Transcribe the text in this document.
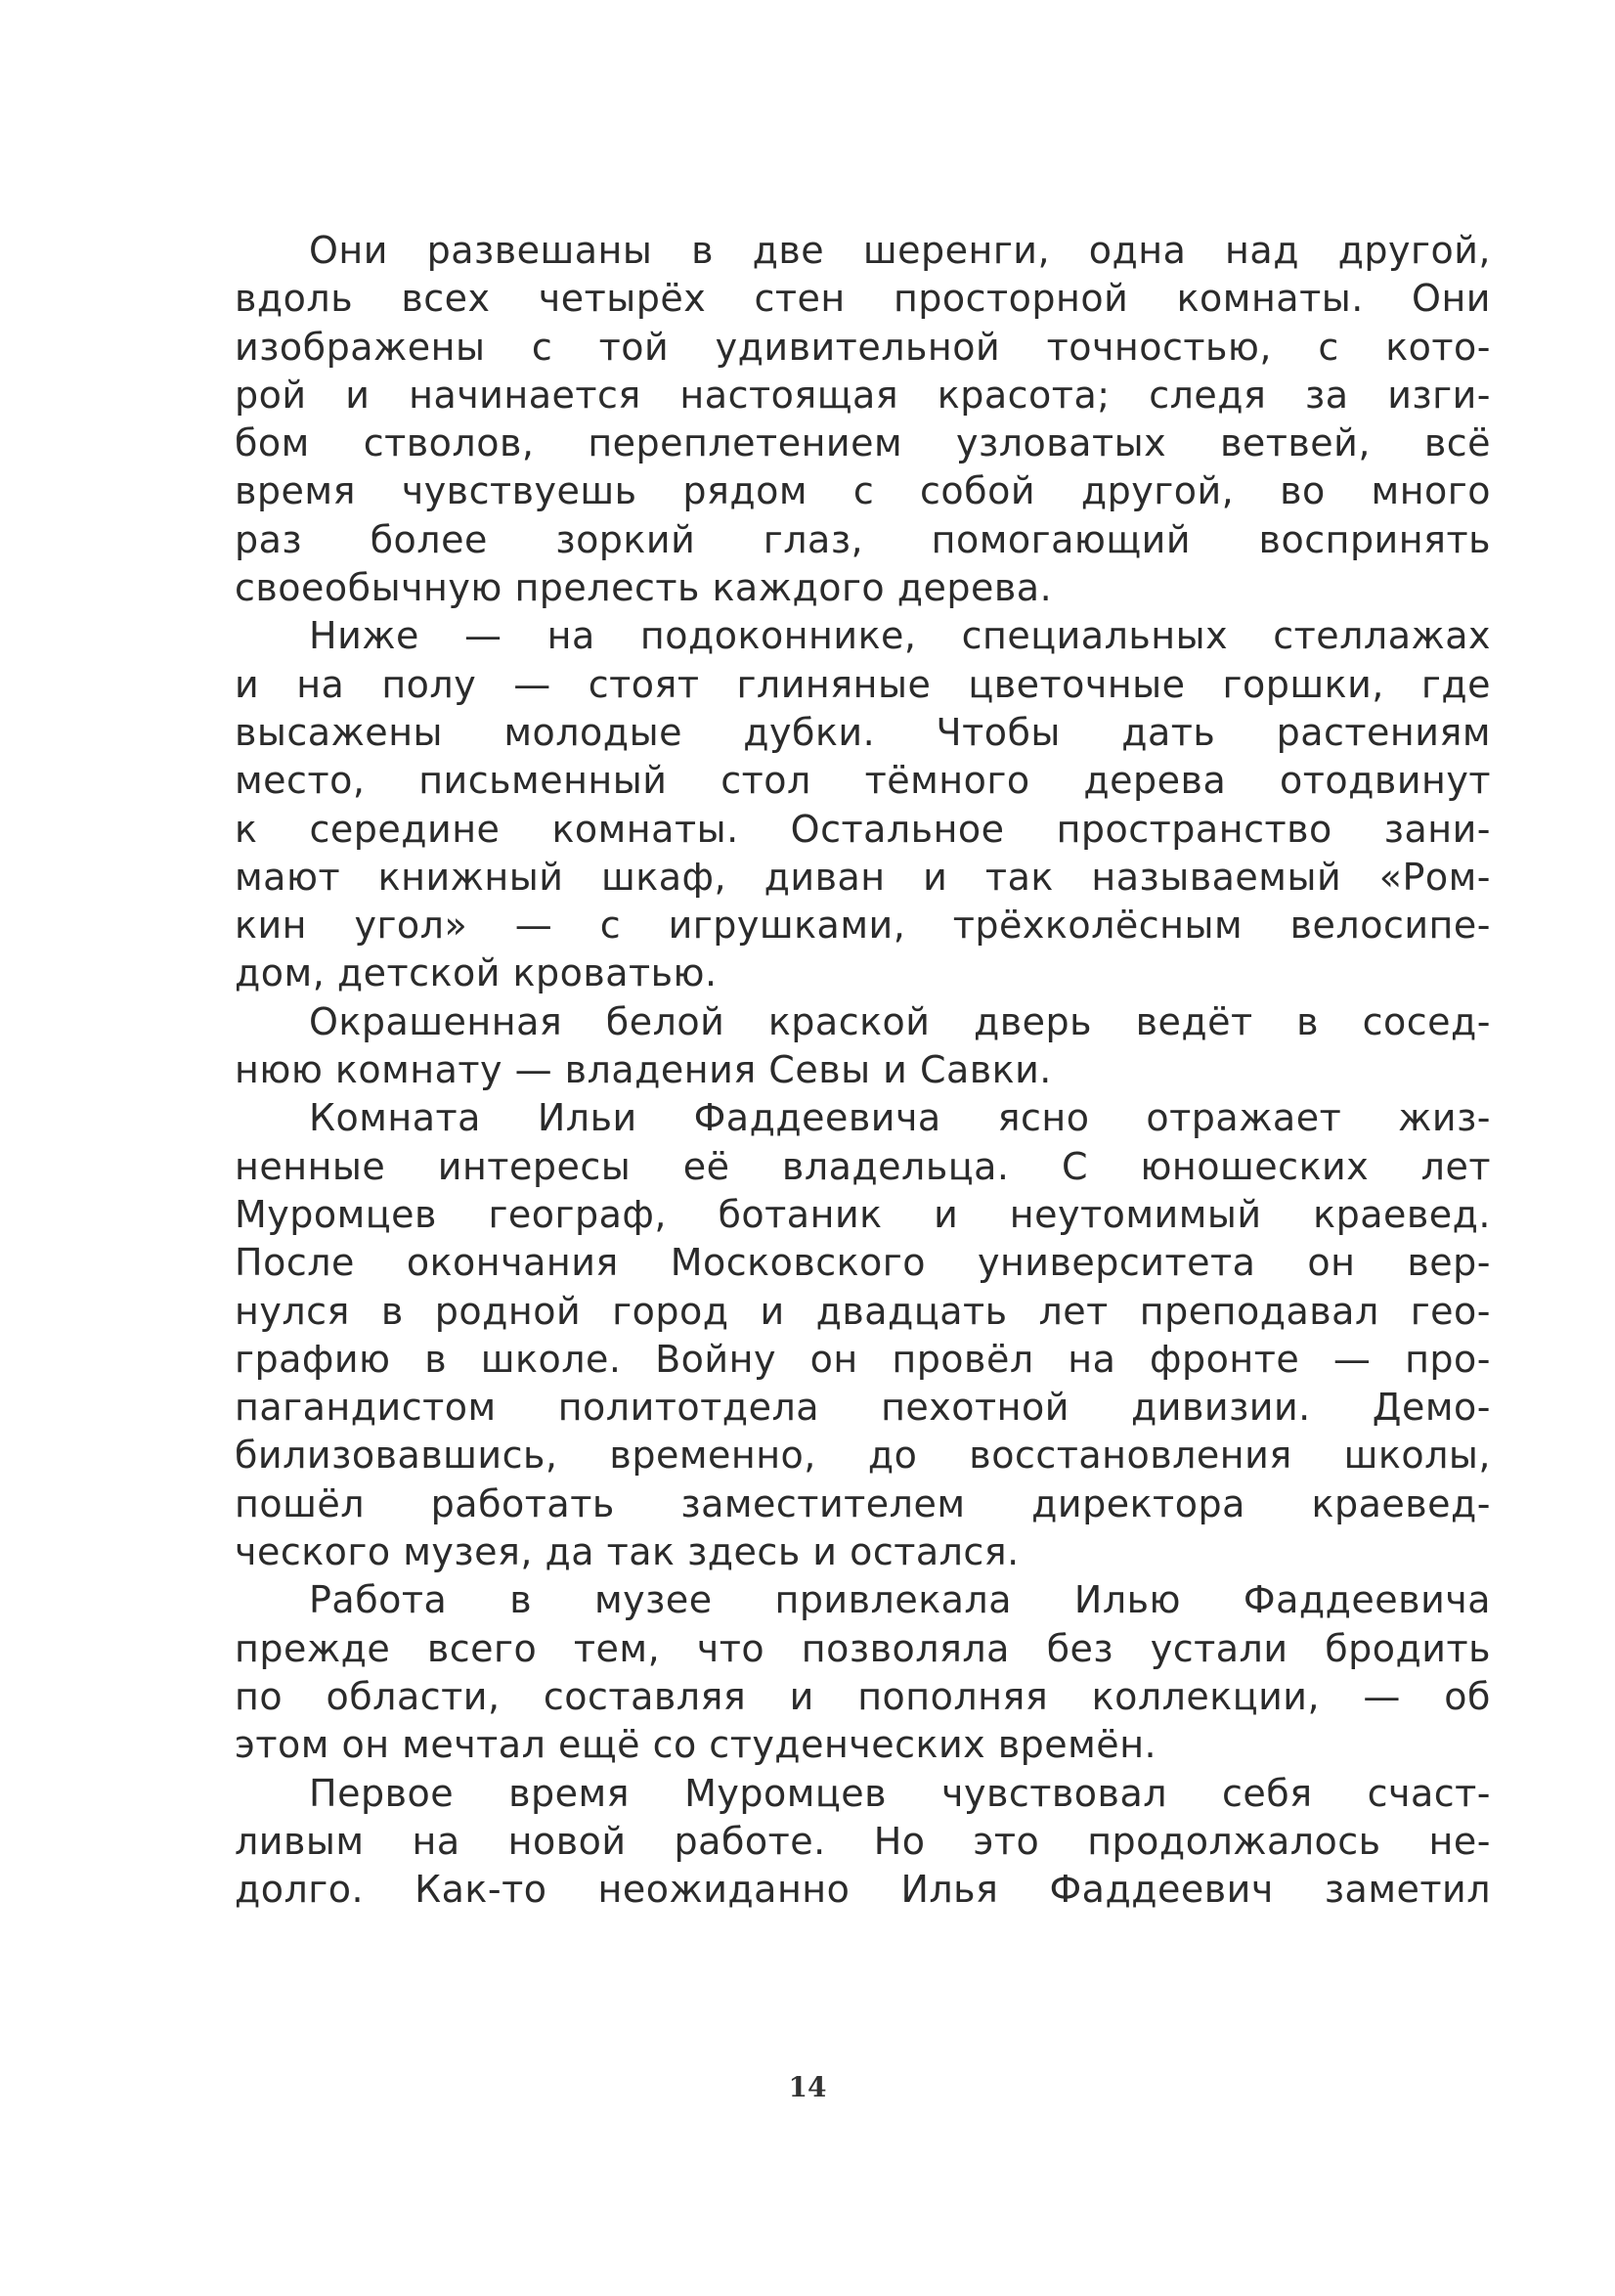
Они развешаны в две шеренги, одна над другой,
вдоль всех четырёх стен просторной комнаты. Они
изображены с той удивительной точностью, с кото-
рой и начинается настоящая красота; следя за изги-
бом стволов, переплетением узловатых ветвей, всё
время чувствуешь рядом с собой другой, во много
раз более зоркий глаз, помогающий воспринять
своеобычную прелесть каждого дерева.
Ниже — на подоконнике, специальных стеллажах
и на полу — стоят глиняные цветочные горшки, где
высажены молодые дубки. Чтобы дать растениям
место, письменный стол тёмного дерева отодвинут
к середине комнаты. Остальное пространство зани-
мают книжный шкаф, диван и так называемый «Ром-
кин угол» — с игрушками, трёхколёсным велосипе-
дом, детской кроватью.
Окрашенная белой краской дверь ведёт в сосед-
нюю комнату — владения Севы и Савки.
Комната Ильи Фаддеевича ясно отражает жиз-
ненные интересы её владельца. С юношеских лет
Муромцев географ, ботаник и неутомимый краевед.
После окончания Московского университета он вер-
нулся в родной город и двадцать лет преподавал гео-
графию в школе. Войну он провёл на фронте — про-
пагандистом политотдела пехотной дивизии. Демо-
билизовавшись, временно, до восстановления школы,
пошёл работать заместителем директора краевед-
ческого музея, да так здесь и остался.
Работа в музее привлекала Илью Фаддеевича
прежде всего тем, что позволяла без устали бродить
по области, составляя и пополняя коллекции, — об
этом он мечтал ещё со студенческих времён.
Первое время Муромцев чувствовал себя счаст-
ливым на новой работе. Но это продолжалось не-
долго. Как-то неожиданно Илья Фаддеевич заметил
14
